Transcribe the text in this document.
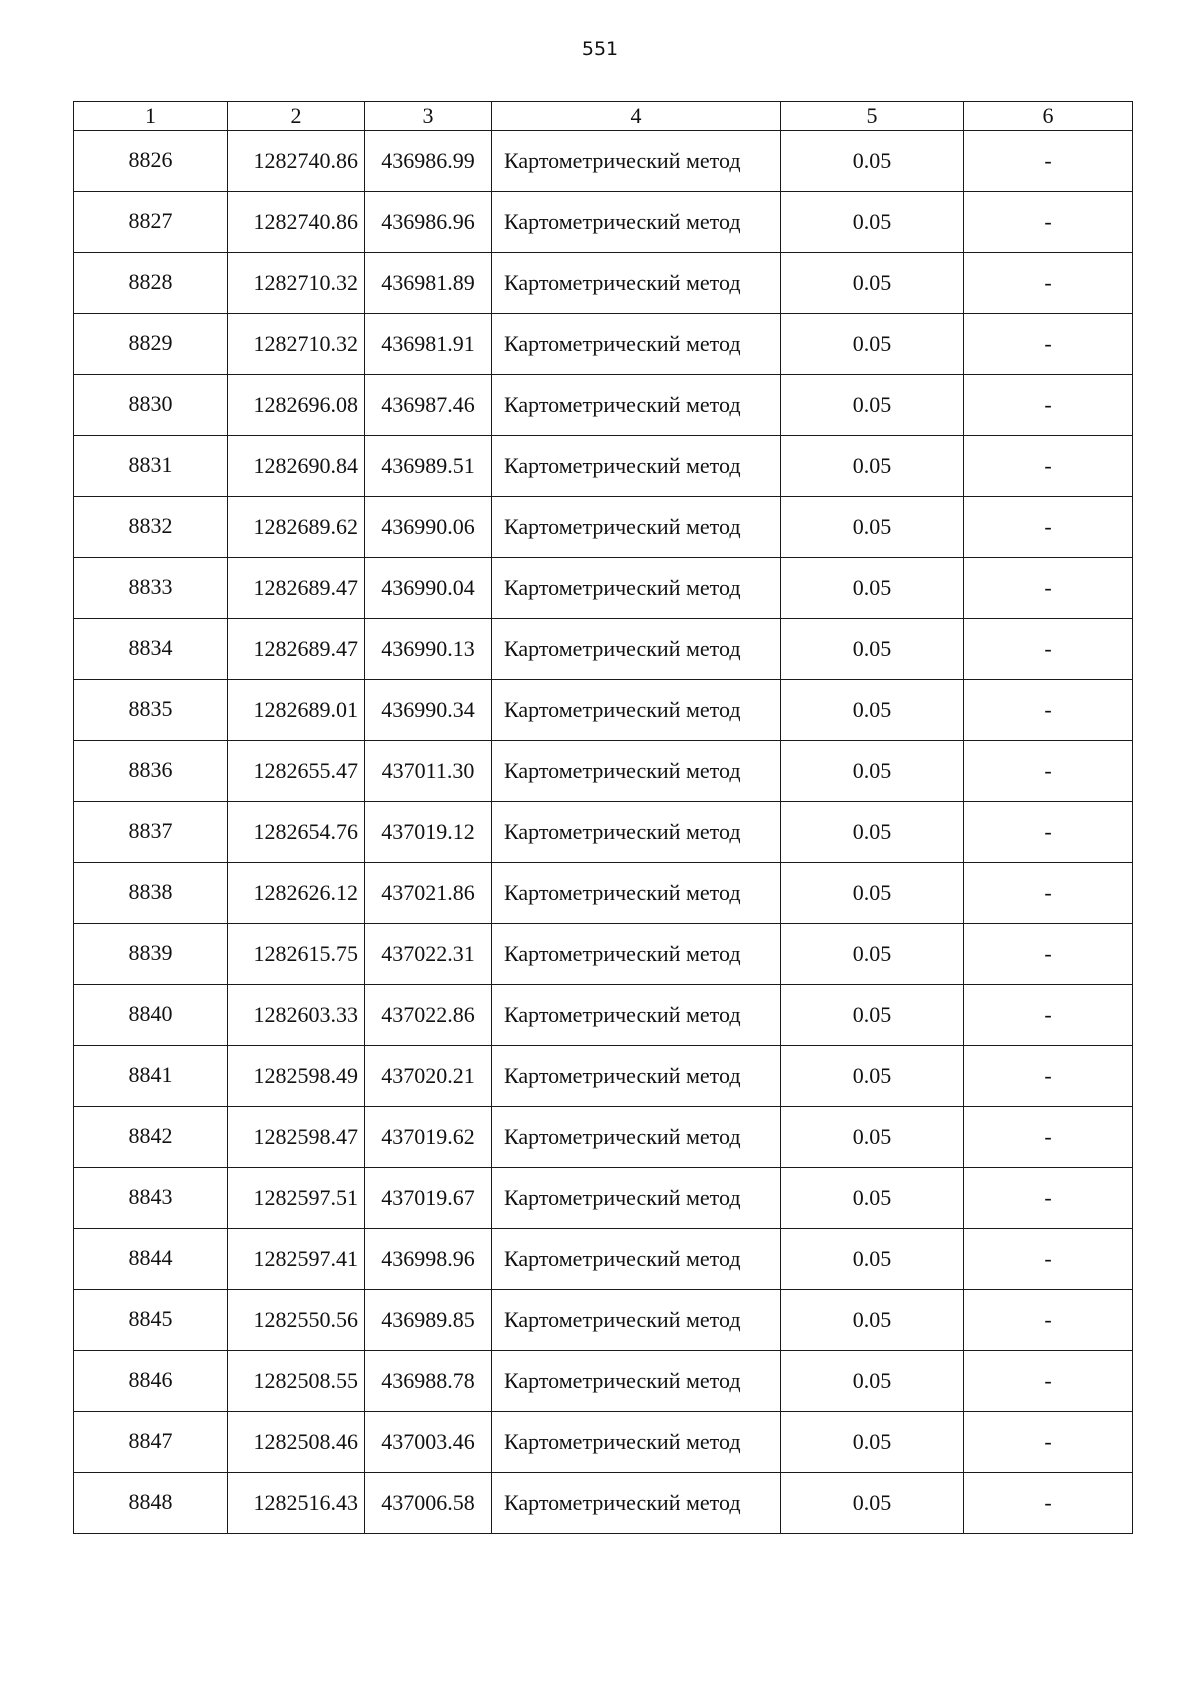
551
1	2	3	4	5	6
8826	1282740.86	436986.99	Картометрический метод	0.05	-
8827	1282740.86	436986.96	Картометрический метод	0.05	-
8828	1282710.32	436981.89	Картометрический метод	0.05	-
8829	1282710.32	436981.91	Картометрический метод	0.05	-
8830	1282696.08	436987.46	Картометрический метод	0.05	-
8831	1282690.84	436989.51	Картометрический метод	0.05	-
8832	1282689.62	436990.06	Картометрический метод	0.05	-
8833	1282689.47	436990.04	Картометрический метод	0.05	-
8834	1282689.47	436990.13	Картометрический метод	0.05	-
8835	1282689.01	436990.34	Картометрический метод	0.05	-
8836	1282655.47	437011.30	Картометрический метод	0.05	-
8837	1282654.76	437019.12	Картометрический метод	0.05	-
8838	1282626.12	437021.86	Картометрический метод	0.05	-
8839	1282615.75	437022.31	Картометрический метод	0.05	-
8840	1282603.33	437022.86	Картометрический метод	0.05	-
8841	1282598.49	437020.21	Картометрический метод	0.05	-
8842	1282598.47	437019.62	Картометрический метод	0.05	-
8843	1282597.51	437019.67	Картометрический метод	0.05	-
8844	1282597.41	436998.96	Картометрический метод	0.05	-
8845	1282550.56	436989.85	Картометрический метод	0.05	-
8846	1282508.55	436988.78	Картометрический метод	0.05	-
8847	1282508.46	437003.46	Картометрический метод	0.05	-
8848	1282516.43	437006.58	Картометрический метод	0.05	-
